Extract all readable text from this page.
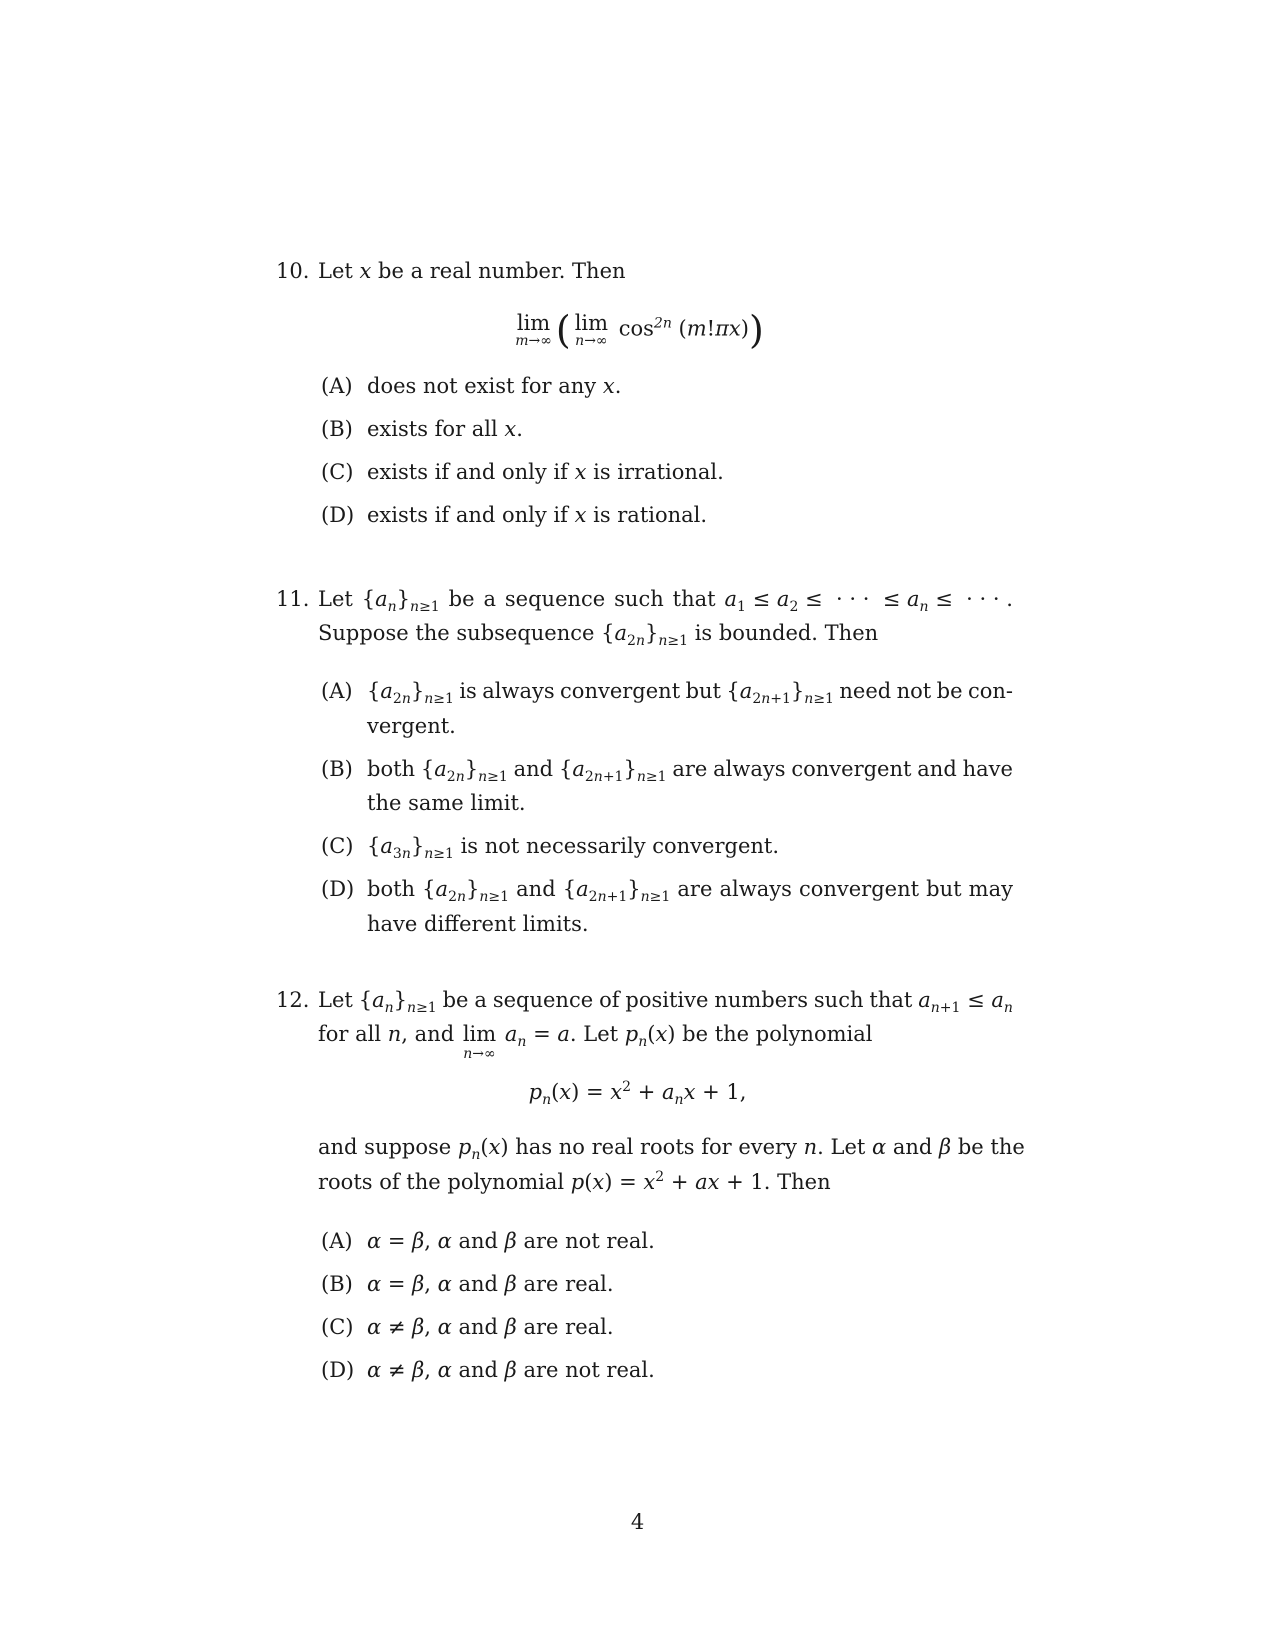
10. Let x be a real number. Then
lim
m→∞ ( lim
n→∞
$\cos^{2n} (m!\pi x)$)
(A) does not exist for any x.
(B) exists for all x.
(C) exists if and only if x is irrational.
(D) exists if and only if x is rational.
11. Let $\{a_n\}_{n\ge 1}$ be a sequence such that $a_1 \le a_2$ ≤  · · ·  ≤ $a_n$ ≤  · · · .
Suppose the subsequence $\{a_{2n}\}_{n\ge 1}$ is bounded. Then
(A) $\{a_{2n}\}_{n\ge 1}$ is always convergent but $\{a_{2n+1}\}_{n\ge 1}$ need not be con-
vergent.
(B) both $\{a_{2n}\}_{n\ge 1}$ and $\{a_{2n+1}\}_{n\ge 1}$ are always convergent and have
the same limit.
(C) $\{a_{3n}\}_{n\ge 1}$ is not necessarily convergent.
(D) both $\{a_{2n}\}_{n\ge 1}$ and $\{a_{2n+1}\}_{n\ge 1}$ are always convergent but may
have different limits.
12. Let $\{a_n\}_{n\ge 1}$ be a sequence of positive numbers such that $a_{n+1} \le a_n$
for all n, and lim
n→∞
$a_n = a$. Let $p_n(x)$ be the polynomial
$p_n(x) = x^2 + a_nx + 1$,
and suppose $p_n(x)$ has no real roots for every n. Let α and β be the
roots of the polynomial $p(x) = x^2$ + ax + 1. Then
(A) α = β, α and β are not real.
(B) α = β, α and β are real.
(C) α ≠ β, α and β are real.
(D) α ≠ β, α and β are not real.
4
